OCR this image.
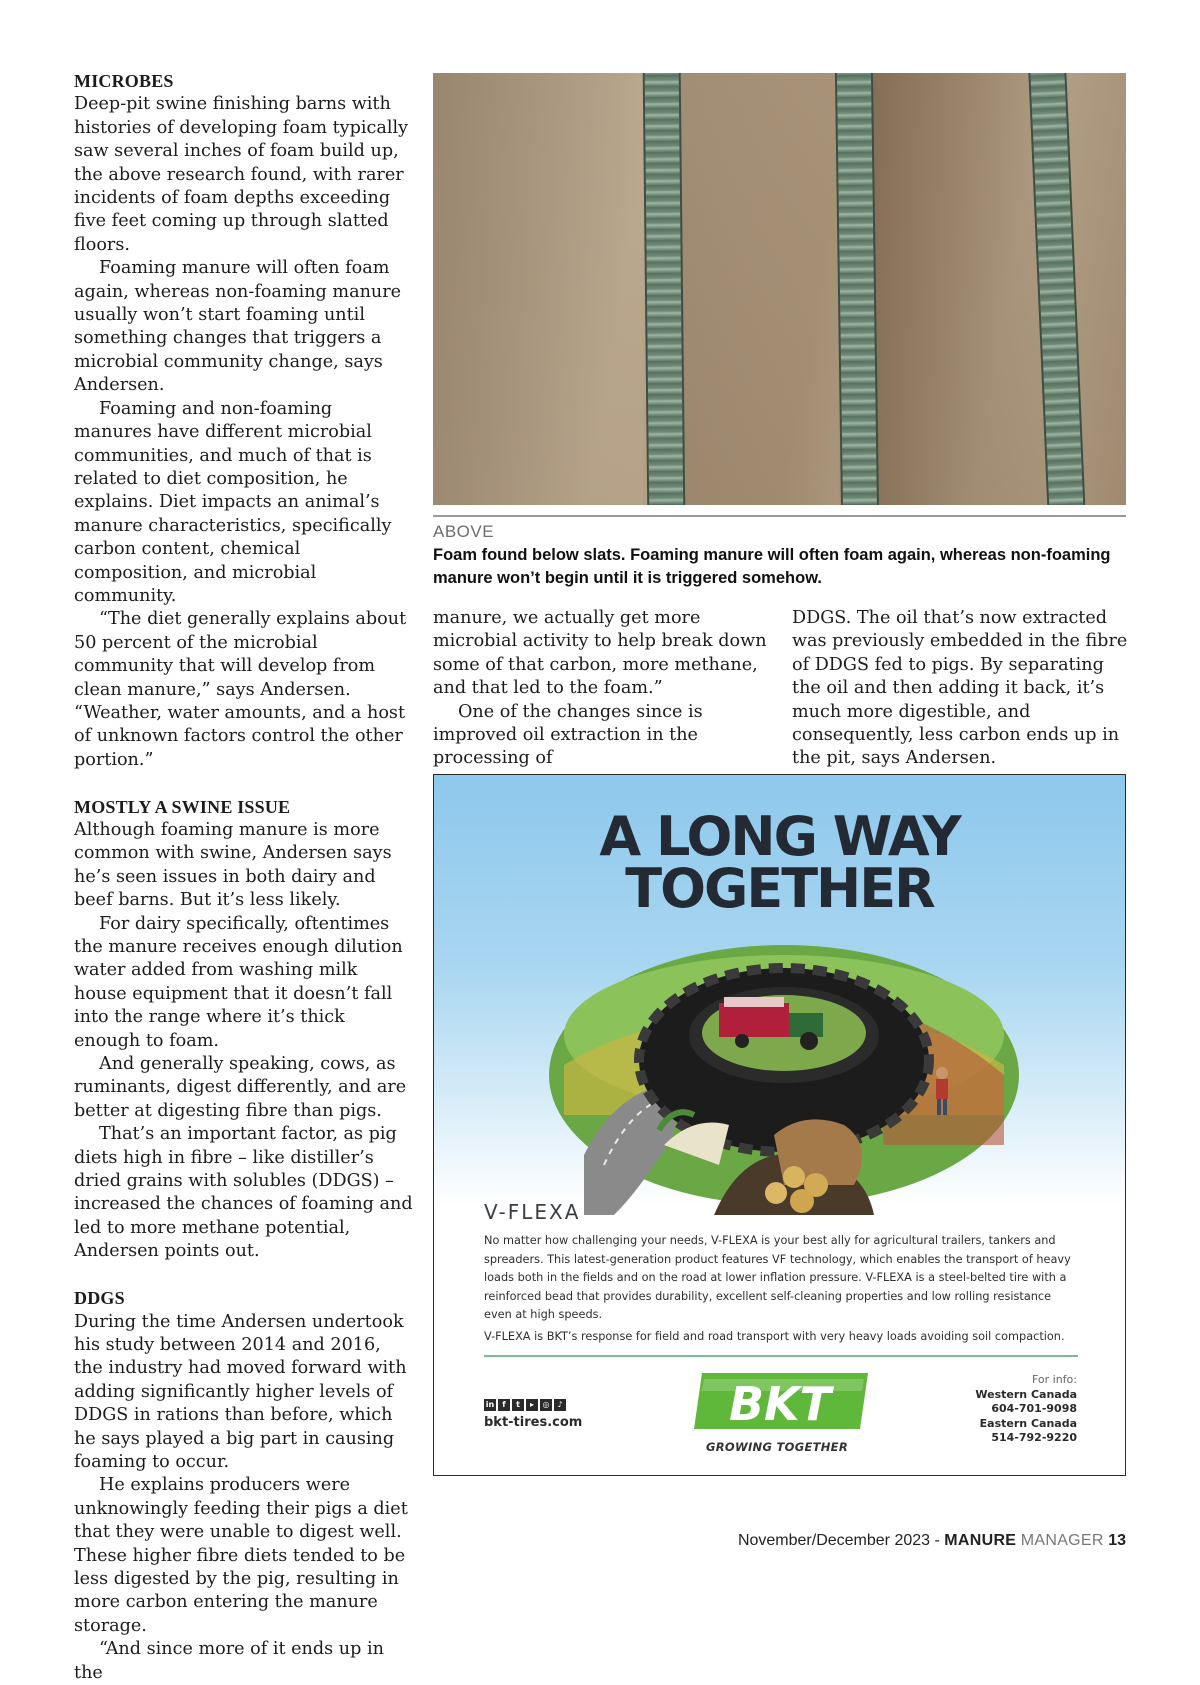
MICROBES

Deep-pit swine finishing barns with histories of developing foam typically saw several inches of foam build up, the above research found, with rarer incidents of foam depths exceeding five feet coming up through slatted floors.

Foaming manure will often foam again, whereas non-foaming manure usually won’t start foaming until something changes that triggers a microbial community change, says Andersen.

Foaming and non-foaming manures have different microbial communities, and much of that is related to diet composition, he explains. Diet impacts an animal’s manure characteristics, specifically carbon content, chemical composition, and microbial community.

“The diet generally explains about 50 percent of the microbial community that will develop from clean manure,” says Andersen. “Weather, water amounts, and a host of unknown factors control the other portion.”

MOSTLY A SWINE ISSUE

Although foaming manure is more common with swine, Andersen says he’s seen issues in both dairy and beef barns. But it’s less likely.

For dairy specifically, oftentimes the manure receives enough dilution water added from washing milk house equipment that it doesn’t fall into the range where it’s thick enough to foam.

And generally speaking, cows, as ruminants, digest differently, and are better at digesting fibre than pigs.

That’s an important factor, as pig diets high in fibre – like distiller’s dried grains with solubles (DDGS) – increased the chances of foaming and led to more methane potential, Andersen points out.

DDGS

During the time Andersen undertook his study between 2014 and 2016, the industry had moved forward with adding significantly higher levels of DDGS in rations than before, which he says played a big part in causing foaming to occur.

He explains producers were unknowingly feeding their pigs a diet that they were unable to digest well. These higher fibre diets tended to be less digested by the pig, resulting in more carbon entering the manure storage.

“And since more of it ends up in the

ABOVE
Foam found below slats. Foaming manure will often foam again, whereas non-foaming manure won’t begin until it is triggered somehow.

manure, we actually get more microbial activity to help break down some of that carbon, more methane, and that led to the foam.”

One of the changes since is improved oil extraction in the processing of

DDGS. The oil that’s now extracted was previously embedded in the fibre of DDGS fed to pigs. By separating the oil and then adding it back, it’s much more digestible, and consequently, less carbon ends up in the pit, says Andersen.

A LONG WAY
TOGETHER
V-FLEXA

No matter how challenging your needs, V-FLEXA is your best ally for agricultural trailers, tankers and spreaders. This latest-generation product features VF technology, which enables the transport of heavy loads both in the fields and on the road at lower inflation pressure. V-FLEXA is a steel-belted tire with a reinforced bead that provides durability, excellent self-cleaning properties and low rolling resistance even at high speeds.

V-FLEXA is BKT’s response for field and road transport with very heavy loads avoiding soil compaction.

in	f	t	▸	◎ ♪
bkt-tires.com	BKT
GROWING TOGETHER
For info:
Western Canada
604-701-9098
Eastern Canada
514-792-9220
November/December 2023 - MANURE MANAGER 13
